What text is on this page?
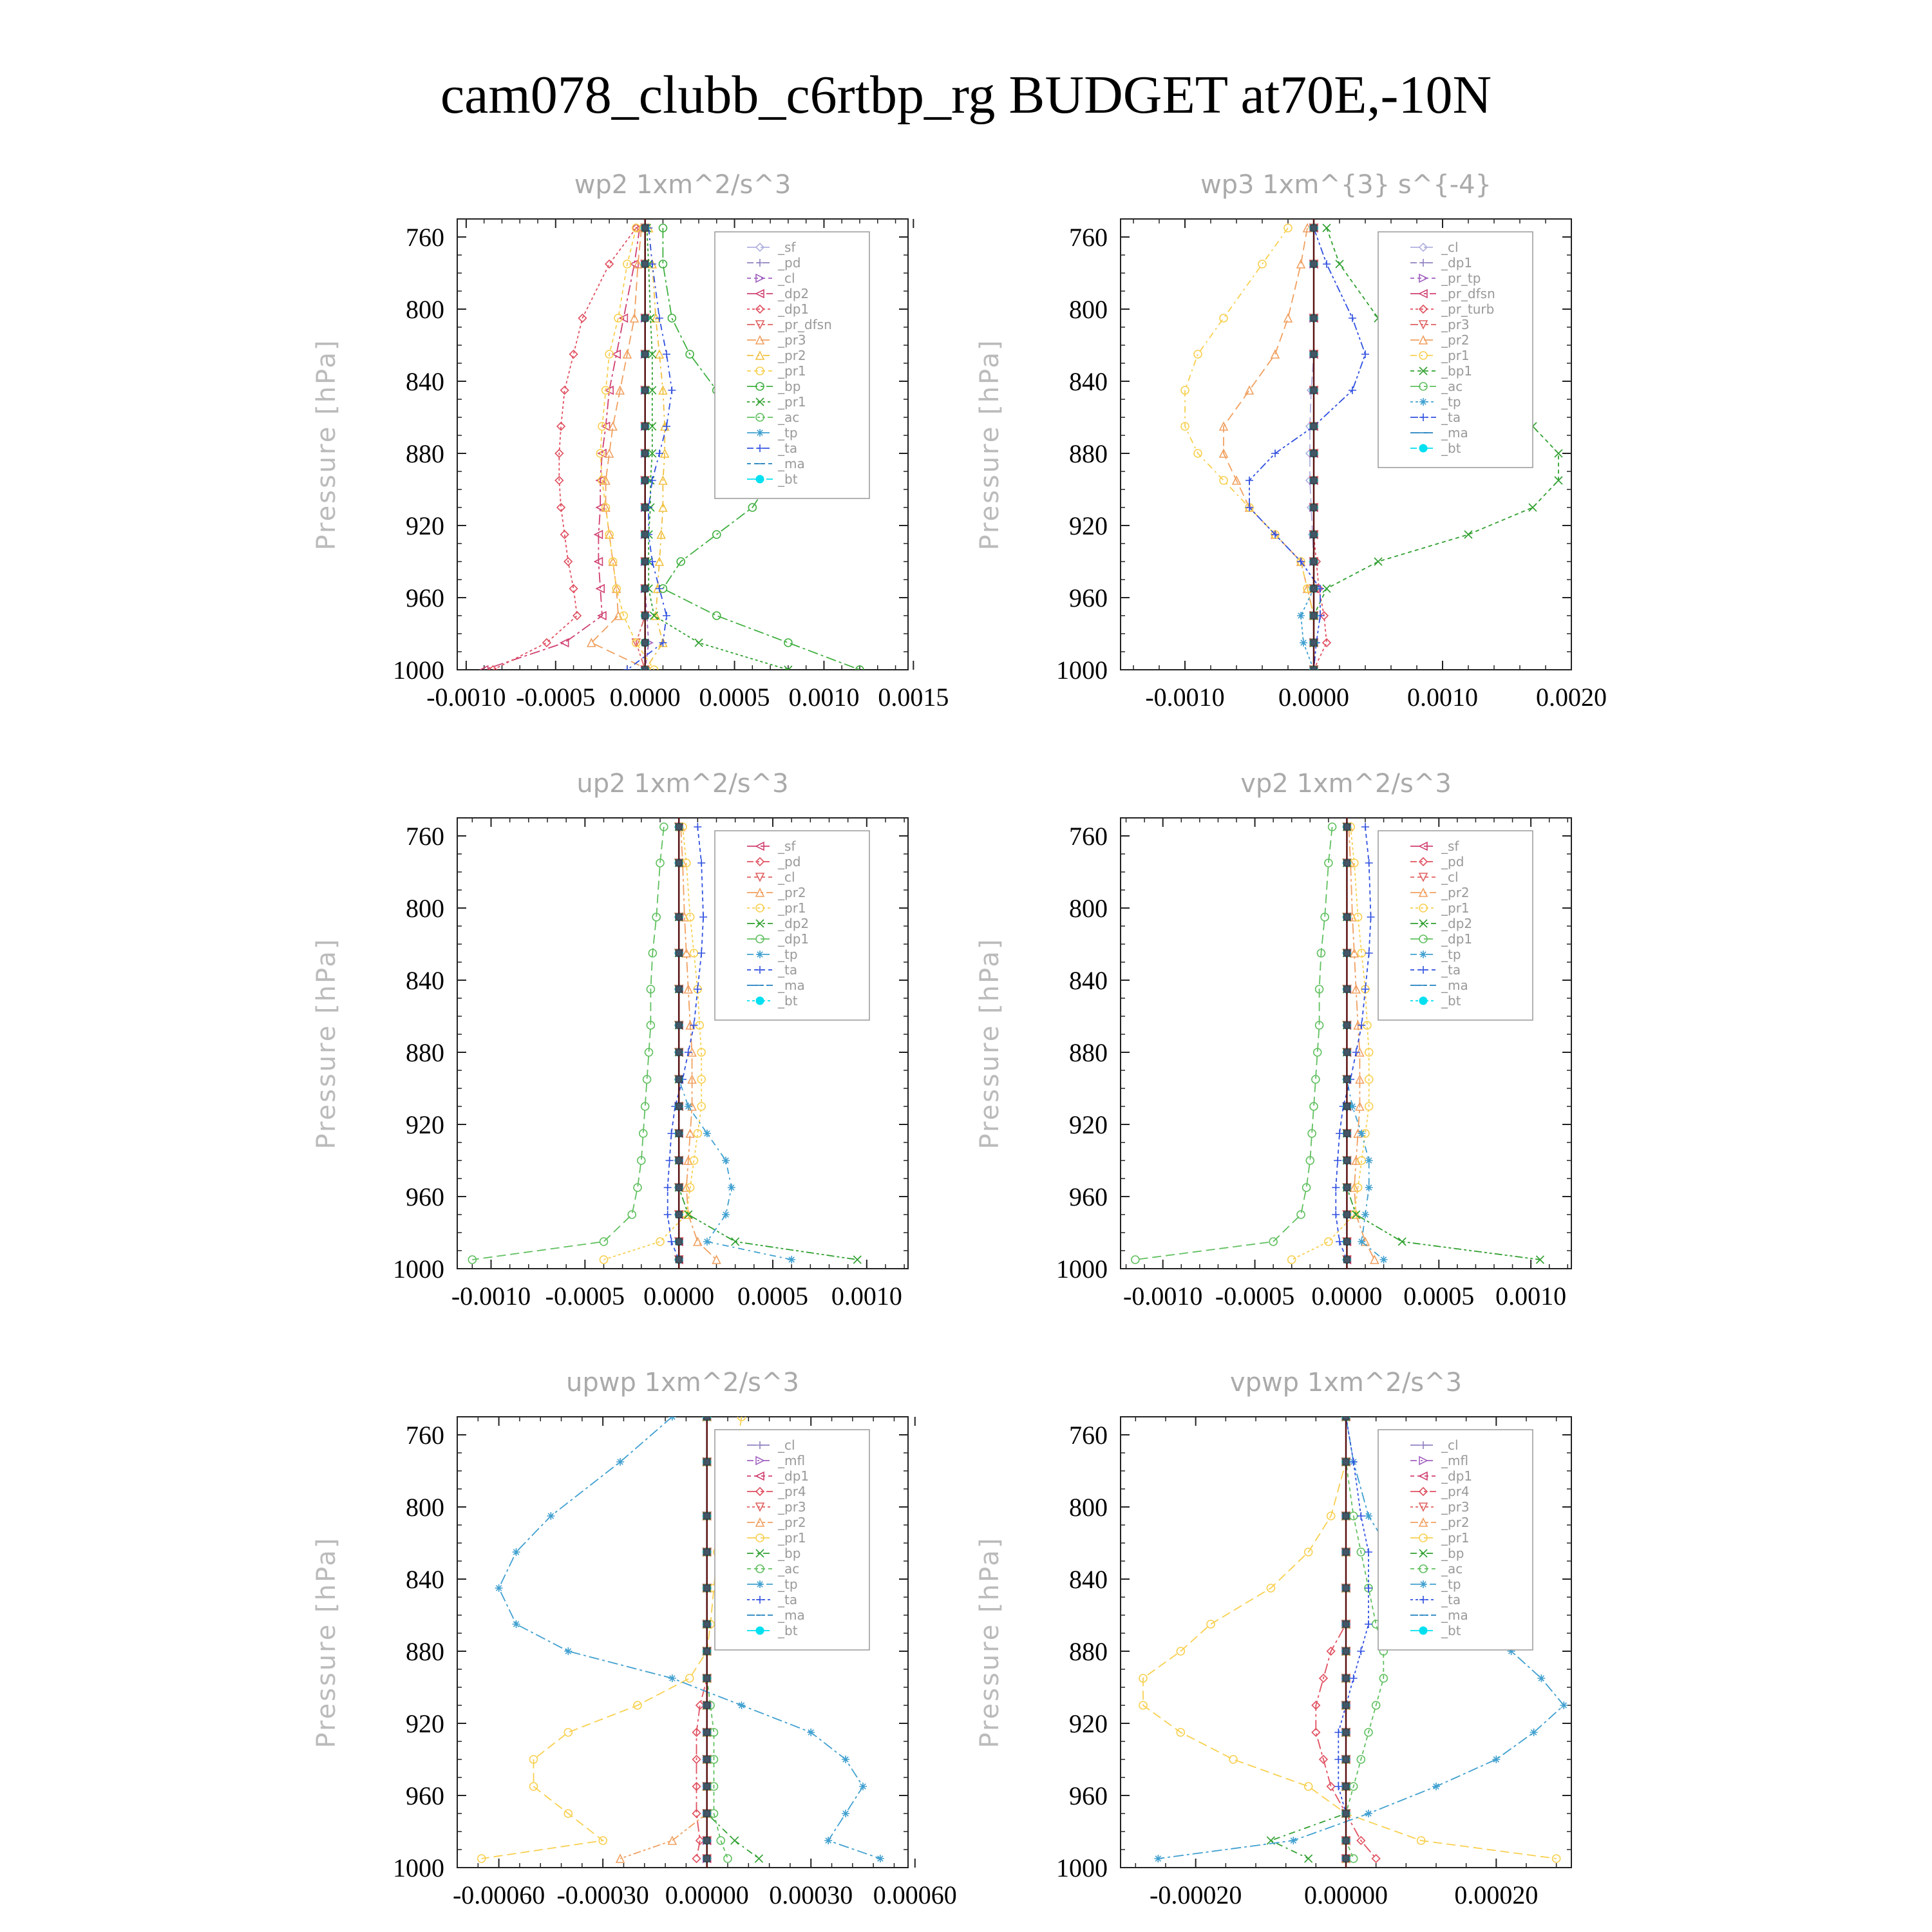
cam078_clubb_c6rtbp_rg BUDGET at70E,-10N
wp2 1xm^2/s^3
Pressure [hPa]
760
800
840
880
920
960
1000
-0.0010 -0.0005 0.0000 0.0005 0.0010 0.0015
_sf
_pd
_cl
_dp2
_dp1
_pr_dfsn
_pr3
_pr2
_pr1
_bp
_pr1
_ac
_tp
_ta
_ma
_bt
wp3 1xm^{3} s^{-4}
Pressure [hPa]
760
800
840
880
920
960
1000
-0.0010 0.0000 0.0010 0.0020
_cl
_dp1
_pr_tp
_pr_dfsn
_pr_turb
_pr3
_pr2
_pr1
_bp1
_ac
_tp
_ta
_ma
_bt
up2 1xm^2/s^3
Pressure [hPa]
760
800
840
880
920
960
1000
-0.0010 -0.0005 0.0000 0.0005 0.0010
_sf
_pd
_cl
_pr2
_pr1
_dp2
_dp1
_tp
_ta
_ma
_bt
vp2 1xm^2/s^3
Pressure [hPa]
760
800
840
880
920
960
1000
-0.0010 -0.0005 0.0000 0.0005 0.0010
_sf
_pd
_cl
_pr2
_pr1
_dp2
_dp1
_tp
_ta
_ma
_bt
upwp 1xm^2/s^3
Pressure [hPa]
760
800
840
880
920
960
1000
-0.00060 -0.00030 0.00000 0.00030 0.00060
_cl
_mfl
_dp1
_pr4
_pr3
_pr2
_pr1
_bp
_ac
_tp
_ta
_ma
_bt
vpwp 1xm^2/s^3
Pressure [hPa]
760
800
840
880
920
960
1000
-0.00020 0.00000	0.00020
_cl
_mfl
_dp1
_pr4
_pr3
_pr2
_pr1
_bp
_ac
_tp
_ta
_ma
_bt
